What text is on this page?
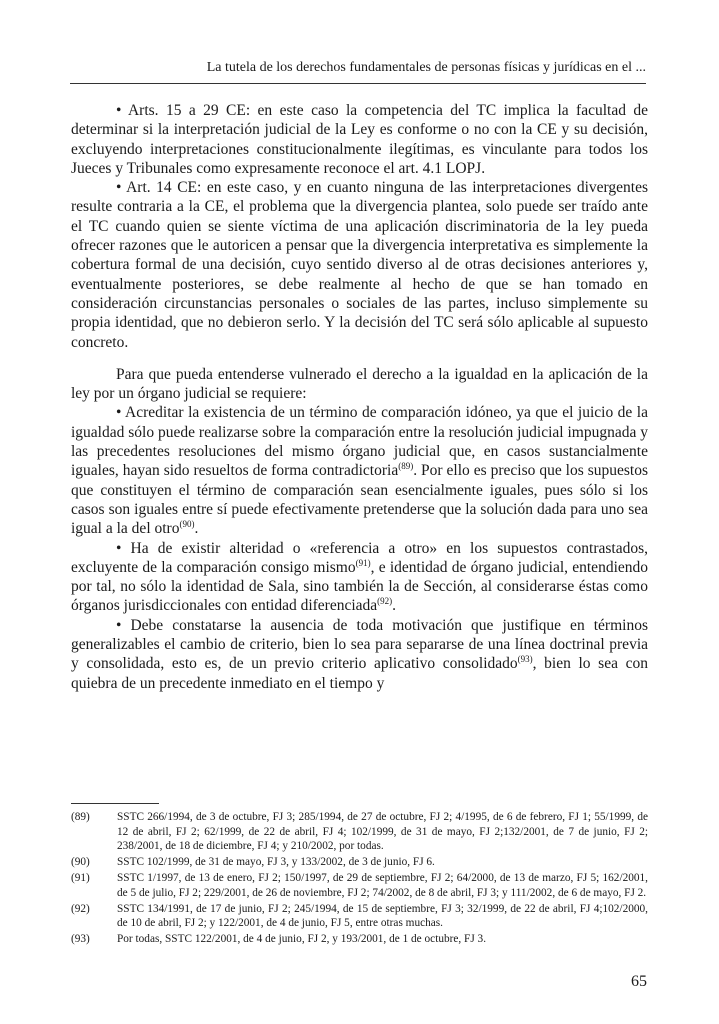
La tutela de los derechos fundamentales de personas físicas y jurídicas en el ...

• Arts. 15 a 29 CE: en este caso la competencia del TC implica la facultad de determinar si la interpretación judicial de la Ley es conforme o no con la CE y su decisión, excluyendo interpretaciones constitucionalmente ilegítimas, es vinculante para todos los Jueces y Tribunales como expresamente reconoce el art. 4.1 LOPJ.

• Art. 14 CE: en este caso, y en cuanto ninguna de las interpretaciones divergentes resulte contraria a la CE, el problema que la divergencia plantea, solo puede ser traído ante el TC cuando quien se siente víctima de una aplicación discriminatoria de la ley pueda ofrecer razones que le autoricen a pensar que la divergencia interpretativa es simplemente la cobertura formal de una decisión, cuyo sentido diverso al de otras decisiones anteriores y, eventualmente posteriores, se debe realmente al hecho de que se han tomado en consideración circunstancias personales o sociales de las partes, incluso simplemente su propia identidad, que no debieron serlo. Y la decisión del TC será sólo aplicable al supuesto concreto.

Para que pueda entenderse vulnerado el derecho a la igualdad en la aplicación de la ley por un órgano judicial se requiere:

• Acreditar la existencia de un término de comparación idóneo, ya que el juicio de la igualdad sólo puede realizarse sobre la comparación entre la resolución judicial impugnada y las precedentes resoluciones del mismo órgano judicial que, en casos sustancialmente iguales, hayan sido resueltos de forma contradictoria$^{(89)}$. Por ello es preciso que los supuestos que constituyen el término de comparación sean esencialmente iguales, pues sólo si los casos son iguales entre sí puede efectivamente pretenderse que la solución dada para uno sea igual a la del otro$^{(90)}$.

• Ha de existir alteridad o «referencia a otro» en los supuestos contrastados, excluyente de la comparación consigo mismo$^{(91)}$, e identidad de órgano judicial, entendiendo por tal, no sólo la identidad de Sala, sino también la de Sección, al considerarse éstas como órganos jurisdiccionales con entidad diferenciada$^{(92)}$.

• Debe constatarse la ausencia de toda motivación que justifique en términos generalizables el cambio de criterio, bien lo sea para separarse de una línea doctrinal previa y consolidada, esto es, de un previo criterio aplicativo consolidado$^{(93)}$, bien lo sea con quiebra de un precedente inmediato en el tiempo y

(89) SSTC 266/1994, de 3 de octubre, FJ 3; 285/1994, de 27 de octubre, FJ 2; 4/1995, de 6 de febrero, FJ 1; 55/1999, de 12 de abril, FJ 2; 62/1999, de 22 de abril, FJ 4; 102/1999, de 31 de mayo, FJ 2;132/2001, de 7 de junio, FJ 2; 238/2001, de 18 de diciembre, FJ 4; y 210/2002, por todas.
(90) SSTC 102/1999, de 31 de mayo, FJ 3, y 133/2002, de 3 de junio, FJ 6.
(91) SSTC 1/1997, de 13 de enero, FJ 2; 150/1997, de 29 de septiembre, FJ 2; 64/2000, de 13 de marzo, FJ 5; 162/2001, de 5 de julio, FJ 2; 229/2001, de 26 de noviembre, FJ 2; 74/2002, de 8 de abril, FJ 3; y 111/2002, de 6 de mayo, FJ 2.
(92) SSTC 134/1991, de 17 de junio, FJ 2; 245/1994, de 15 de septiembre, FJ 3; 32/1999, de 22 de abril, FJ 4;102/2000, de 10 de abril, FJ 2; y 122/2001, de 4 de junio, FJ 5, entre otras muchas.
(93) Por todas, SSTC 122/2001, de 4 de junio, FJ 2, y 193/2001, de 1 de octubre, FJ 3.
65
